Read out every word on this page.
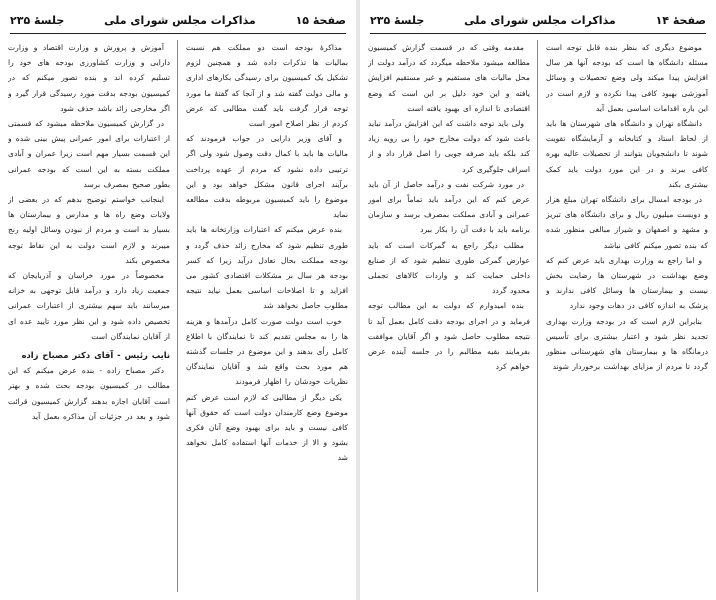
صفحهٔ ۱۵
مذاکرات مجلس شورای ملی
جلسهٔ ۲۳۵

مذاکرهٔ بودجه است دو مملکت هم نسبت بمالیات ها تذکرات داده شد و همچنین لزوم تشکیل یک کمیسیون برای رسیدگی بکارهای اداری و مالی دولت گفته شد و از آنجا که گفتهٔ ما مورد توجه قرار گرفت باید گفت مطالبی که عرض کردم از نظر اصلاح امور است

و آقای وزیر دارایی در جواب فرمودند که مالیات ها باید با کمال دقت وصول شود ولی اگر ترتیبی داده نشود که مردم از عهده پرداخت برآیند اجرای قانون مشکل خواهد بود و این موضوع را باید کمیسیون مربوطه بدقت مطالعه نماید

بنده عرض میکنم که اعتبارات وزارتخانه ها باید طوری تنظیم شود که مخارج زائد حذف گردد و بودجه مملکت بحال تعادل درآید زیرا که کسر بودجه هر سال بر مشکلات اقتصادی کشور می افزاید و تا اصلاحات اساسی بعمل نیاید نتیجه مطلوب حاصل نخواهد شد

خوب است دولت صورت کامل درآمدها و هزینه ها را به مجلس تقدیم کند تا نمایندگان با اطلاع کامل رأی بدهند و این موضوع در جلسات گذشته هم مورد بحث واقع شد و آقایان نمایندگان نظریات خودشان را اظهار فرمودند

یکی دیگر از مطالبی که لازم است عرض کنم موضوع وضع کارمندان دولت است که حقوق آنها کافی نیست و باید برای بهبود وضع آنان فکری بشود و الا از خدمات آنها استفاده کامل نخواهد شد

آموزش و پرورش و وزارت اقتصاد و وزارت دارایی و وزارت کشاورزی بودجه های خود را تسلیم کرده اند و بنده تصور میکنم که در کمیسیون بودجه بدقت مورد رسیدگی قرار گیرد و اگر مخارجی زائد باشد حذف شود

در گزارش کمیسیون ملاحظه میشود که قسمتی از اعتبارات برای امور عمرانی پیش بینی شده و این قسمت بسیار مهم است زیرا عمران و آبادی مملکت بسته به این است که بودجه عمرانی بطور صحیح بمصرف برسد

اینجانب خواستم توضیح بدهم که در بعضی از ولایات وضع راه ها و مدارس و بیمارستان ها بسیار بد است و مردم از نبودن وسائل اولیه رنج میبرند و لازم است دولت به این نقاط توجه مخصوص بکند

مخصوصاً در مورد خراسان و آذربایجان که جمعیت زیاد دارد و درآمد قابل توجهی به خزانه میرسانند باید سهم بیشتری از اعتبارات عمرانی تخصیص داده شود و این نظر مورد تایید عده ای از آقایان نمایندگان است

نایب رئیس - آقای دکتر مصباح زاده

دکتر مصباح زاده - بنده عرض میکنم که این مطالب در کمیسیون بودجه بحث شده و بهتر است آقایان اجازه بدهند گزارش کمیسیون قرائت شود و بعد در جزئیات آن مذاکره بعمل آید

صفحهٔ ۱۴
مذاکرات مجلس شورای ملی
جلسهٔ ۲۳۵

موضوع دیگری که بنظر بنده قابل توجه است مسئله دانشگاه ها است که بودجه آنها هر سال افزایش پیدا میکند ولی وضع تحصیلات و وسائل آموزشی بهبود کافی پیدا نکرده و لازم است در این باره اقدامات اساسی بعمل آید

دانشگاه تهران و دانشگاه های شهرستان ها باید از لحاظ استاد و کتابخانه و آزمایشگاه تقویت شوند تا دانشجویان بتوانند از تحصیلات عالیه بهره کافی ببرند و در این مورد دولت باید کمک بیشتری بکند

در بودجه امسال برای دانشگاه تهران مبلغ هزار و دویست میلیون ریال و برای دانشگاه های تبریز و مشهد و اصفهان و شیراز مبالغی منظور شده که بنده تصور میکنم کافی نباشد

و اما راجع به وزارت بهداری باید عرض کنم که وضع بهداشت در شهرستان ها رضایت بخش نیست و بیمارستان ها وسائل کافی ندارند و پزشک به اندازه کافی در دهات وجود ندارد

بنابراین لازم است که در بودجه وزارت بهداری تجدید نظر شود و اعتبار بیشتری برای تأسیس درمانگاه ها و بیمارستان های شهرستانی منظور گردد تا مردم از مزایای بهداشت برخوردار شوند

مقدمه وقتی که در قسمت گزارش کمیسیون مطالعه میشود ملاحظه میگردد که درآمد دولت از محل مالیات های مستقیم و غیر مستقیم افزایش یافته و این خود دلیل بر این است که وضع اقتصادی تا اندازه ای بهبود یافته است

ولی باید توجه داشت که این افزایش درآمد نباید باعث شود که دولت مخارج خود را بی رویه زیاد کند بلکه باید صرفه جویی را اصل قرار داد و از اسراف جلوگیری کرد

در مورد شرکت نفت و درآمد حاصل از آن باید عرض کنم که این درآمد باید تماماً برای امور عمرانی و آبادی مملکت بمصرف برسد و سازمان برنامه باید با دقت آن را بکار ببرد

مطلب دیگر راجع به گمرکات است که باید عوارض گمرکی طوری تنظیم شود که از صنایع داخلی حمایت کند و واردات کالاهای تجملی محدود گردد

بنده امیدوارم که دولت به این مطالب توجه فرماید و در اجرای بودجه دقت کامل بعمل آید تا نتیجه مطلوب حاصل شود و اگر آقایان موافقت بفرمایند بقیه مطالبم را در جلسه آینده عرض خواهم کرد
